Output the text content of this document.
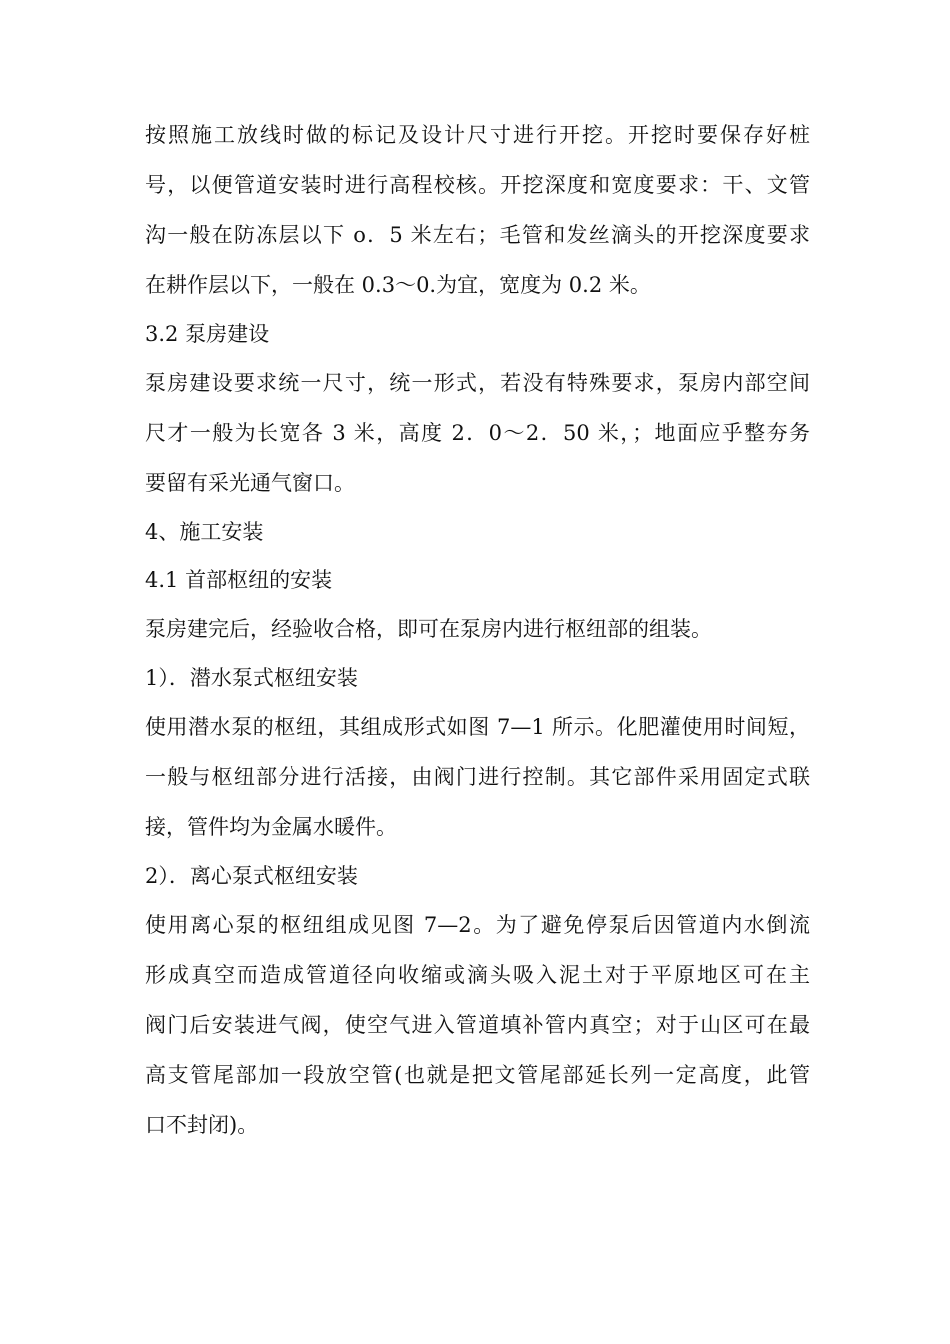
按照施工放线时做的标记及设计尺寸进行开挖。开挖时要保存好桩
号，以便管道安装时进行高程校核。开挖深度和宽度要求：干、文管
沟一般在防冻层以下 o．5 米左右；毛管和发丝滴头的开挖深度要求
在耕作层以下，一般在 0.3～0.为宜，宽度为 0.2 米。
3.2 泵房建设
泵房建设要求统一尺寸，统一形式，若没有特殊要求，泵房内部空间
尺才一般为长宽各 3 米，高度 2．0～2．50 米，；地面应乎整夯务
要留有采光通气窗口。
4、施工安装
4.1 首部枢纽的安装
泵房建完后，经验收合格，即可在泵房内进行枢纽部的组装。
1）．潜水泵式枢纽安装
使用潜水泵的枢纽，其组成形式如图 7—1 所示。化肥灌使用时间短，
一般与枢纽部分进行活接，由阀门进行控制。其它部件采用固定式联
接，管件均为金属水暖件。
2）．离心泵式枢纽安装
使用离心泵的枢纽组成见图 7—2。为了避免停泵后因管道内水倒流
形成真空而造成管道径向收缩或滴头吸入泥土对于平原地区可在主
阀门后安装进气阀，使空气进入管道填补管内真空；对于山区可在最
高支管尾部加一段放空管(也就是把文管尾部延长列一定高度，此管
口不封闭)。
